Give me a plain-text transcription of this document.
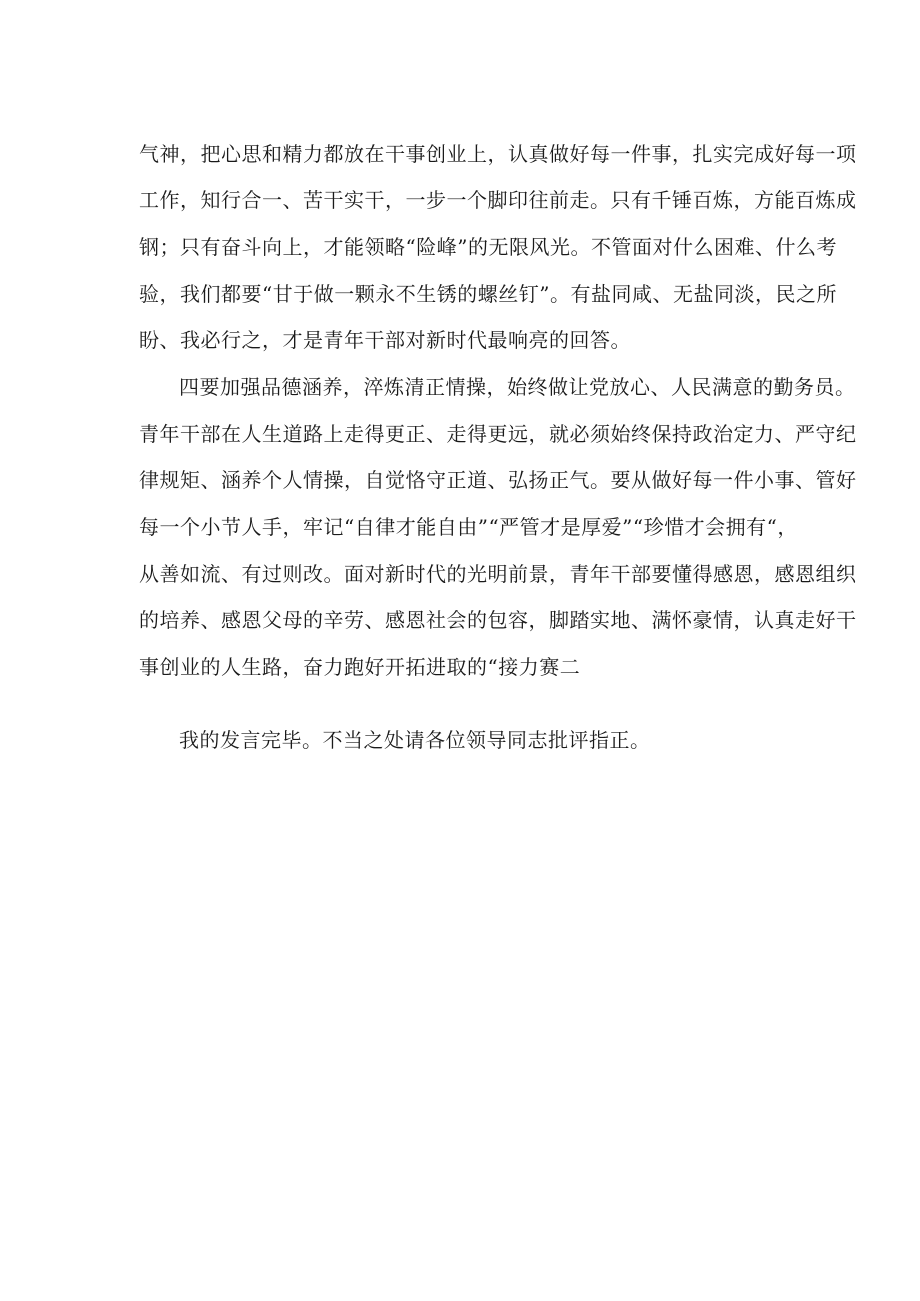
气神，把心思和精力都放在干事创业上，认真做好每一件事，扎实完成好每一项

工作，知行合一、苦干实干，一步一个脚印往前走。只有千锤百炼，方能百炼成

钢；只有奋斗向上，才能领略“险峰”的无限风光。不管面对什么困难、什么考

验，我们都要“甘于做一颗永不生锈的螺丝钉”。有盐同咸、无盐同淡，民之所

盼、我必行之，才是青年干部对新时代最响亮的回答。

四要加强品德涵养，淬炼清正情操，始终做让党放心、人民满意的勤务员。

青年干部在人生道路上走得更正、走得更远，就必须始终保持政治定力、严守纪

律规矩、涵养个人情操，自觉恪守正道、弘扬正气。要从做好每一件小事、管好

每一个小节人手，牢记“自律才能自由”“严管才是厚爱”“珍惜才会拥有“，

从善如流、有过则改。面对新时代的光明前景，青年干部要懂得感恩，感恩组织

的培养、感恩父母的辛劳、感恩社会的包容，脚踏实地、满怀豪情，认真走好干

事创业的人生路，奋力跑好开拓进取的“接力赛二

我的发言完毕。不当之处请各位领导同志批评指正。
